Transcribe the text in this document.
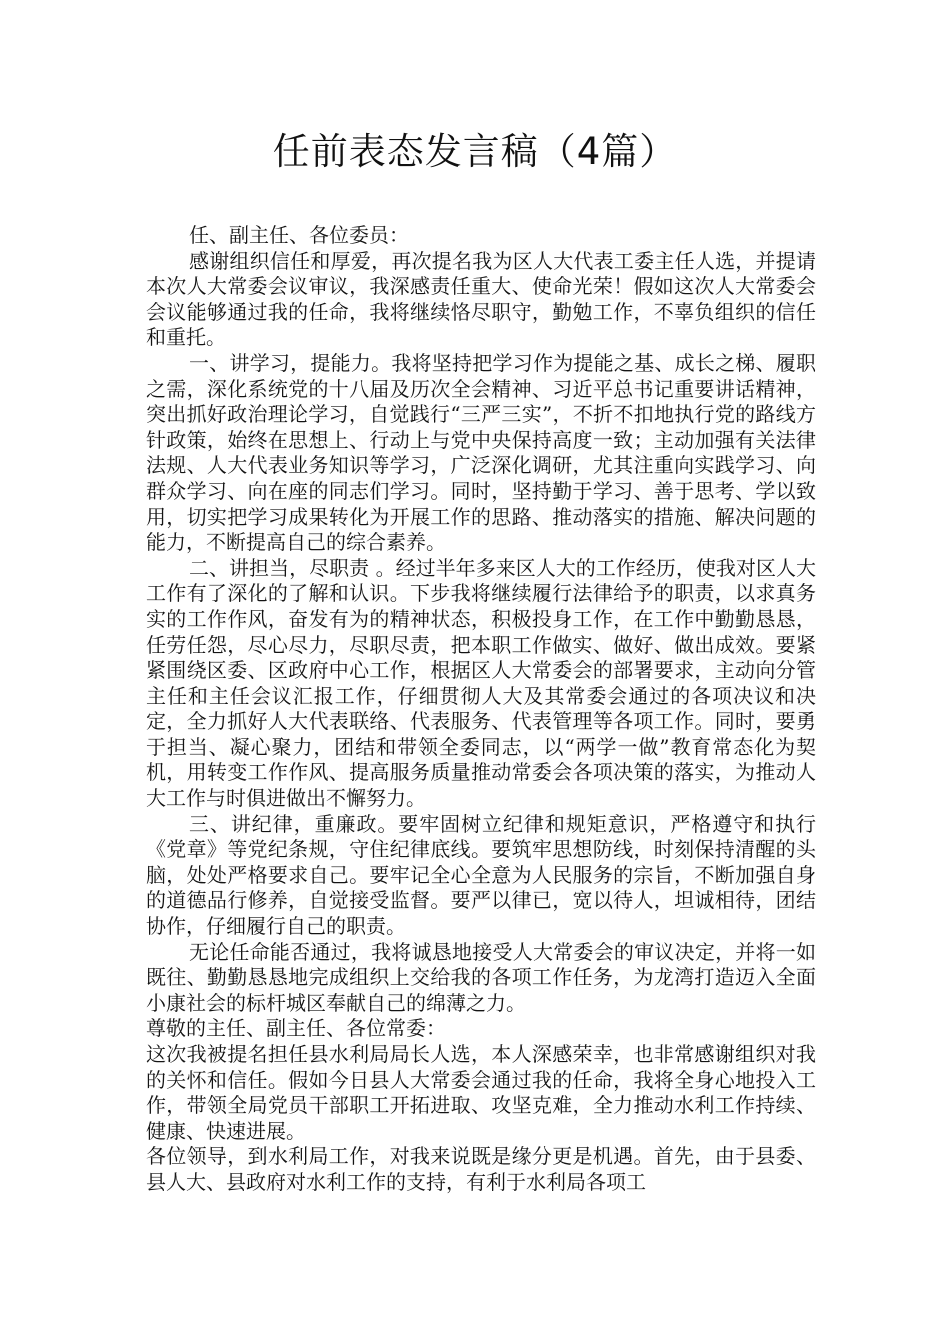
任前表态发言稿（4篇）

任、副主任、各位委员：

感谢组织信任和厚爱，再次提名我为区人大代表工委主任人选，并提请本次人大常委会议审议，我深感责任重大、使命光荣！假如这次人大常委会会议能够通过我的任命，我将继续恪尽职守，勤勉工作，不辜负组织的信任和重托。

一、讲学习，提能力。我将坚持把学习作为提能之基、成长之梯、履职之需，深化系统党的十八届及历次全会精神、习近平总书记重要讲话精神，突出抓好政治理论学习，自觉践行“三严三实”，不折不扣地执行党的路线方针政策，始终在思想上、行动上与党中央保持高度一致；主动加强有关法律法规、人大代表业务知识等学习，广泛深化调研，尤其注重向实践学习、向群众学习、向在座的同志们学习。同时，坚持勤于学习、善于思考、学以致用，切实把学习成果转化为开展工作的思路、推动落实的措施、解决问题的能力，不断提高自己的综合素养。

二、讲担当，尽职责 。经过半年多来区人大的工作经历，使我对区人大工作有了深化的了解和认识。下步我将继续履行法律给予的职责，以求真务实的工作作风，奋发有为的精神状态，积极投身工作，在工作中勤勤恳恳，任劳任怨，尽心尽力，尽职尽责，把本职工作做实、做好、做出成效。要紧紧围绕区委、区政府中心工作，根据区人大常委会的部署要求，主动向分管主任和主任会议汇报工作，仔细贯彻人大及其常委会通过的各项决议和决定，全力抓好人大代表联络、代表服务、代表管理等各项工作。同时，要勇于担当、凝心聚力，团结和带领全委同志，以“两学一做”教育常态化为契机，用转变工作作风、提高服务质量推动常委会各项决策的落实，为推动人大工作与时俱进做出不懈努力。

三、讲纪律，重廉政。要牢固树立纪律和规矩意识，严格遵守和执行《党章》等党纪条规，守住纪律底线。要筑牢思想防线，时刻保持清醒的头脑，处处严格要求自己。要牢记全心全意为人民服务的宗旨，不断加强自身的道德品行修养，自觉接受监督。要严以律已，宽以待人，坦诚相待，团结协作，仔细履行自己的职责。

无论任命能否通过，我将诚恳地接受人大常委会的审议决定，并将一如既往、勤勤恳恳地完成组织上交给我的各项工作任务，为龙湾打造迈入全面小康社会的标杆城区奉献自己的绵薄之力。

尊敬的主任、副主任、各位常委：

这次我被提名担任县水利局局长人选，本人深感荣幸，也非常感谢组织对我的关怀和信任。假如今日县人大常委会通过我的任命，我将全身心地投入工作，带领全局党员干部职工开拓进取、攻坚克难，全力推动水利工作持续、健康、快速进展。

各位领导，到水利局工作，对我来说既是缘分更是机遇。首先，由于县委、县人大、县政府对水利工作的支持，有利于水利局各项工
